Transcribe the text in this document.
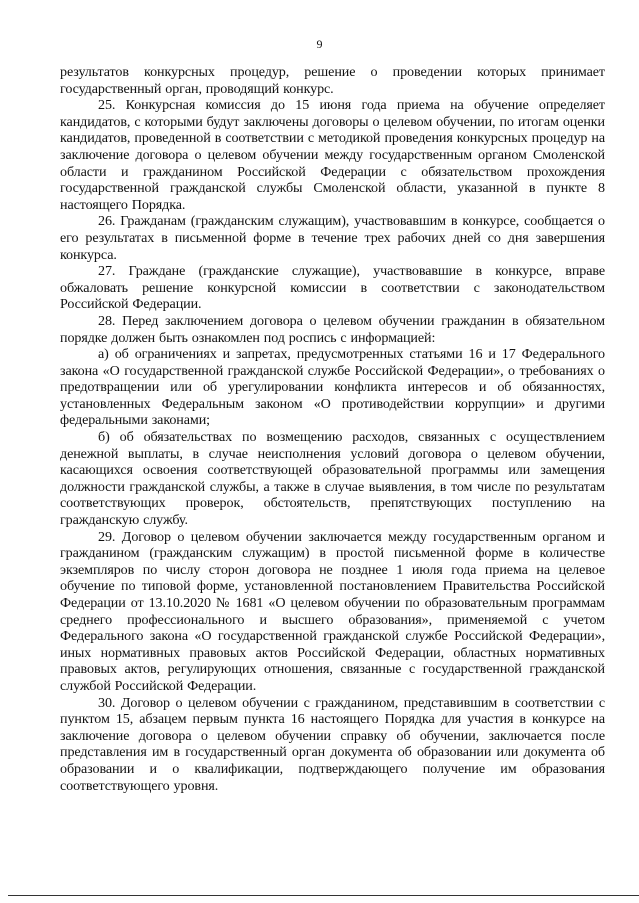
9

результатов конкурсных процедур, решение о проведении которых принимает государственный орган, проводящий конкурс.

25. Конкурсная комиссия до 15 июня года приема на обучение определяет кандидатов, с которыми будут заключены договоры о целевом обучении, по итогам оценки кандидатов, проведенной в соответствии с методикой проведения конкурсных процедур на заключение договора о целевом обучении между государственным органом Смоленской области и гражданином Российской Федерации с обязательством прохождения государственной гражданской службы Смоленской области, указанной в пункте 8 настоящего Порядка.

26. Гражданам (гражданским служащим), участвовавшим в конкурсе, сообщается о его результатах в письменной форме в течение трех рабочих дней со дня завершения конкурса.

27. Граждане (гражданские служащие), участвовавшие в конкурсе, вправе обжаловать решение конкурсной комиссии в соответствии с законодательством Российской Федерации.

28. Перед заключением договора о целевом обучении гражданин в обязательном порядке должен быть ознакомлен под роспись с информацией:

а) об ограничениях и запретах, предусмотренных статьями 16 и 17 Федерального закона «О государственной гражданской службе Российской Федерации», о требованиях о предотвращении или об урегулировании конфликта интересов и об обязанностях, установленных Федеральным законом «О противодействии коррупции» и другими федеральными законами;

б) об обязательствах по возмещению расходов, связанных с осуществлением денежной выплаты, в случае неисполнения условий договора о целевом обучении, касающихся освоения соответствующей образовательной программы или замещения должности гражданской службы, а также в случае выявления, в том числе по результатам соответствующих проверок, обстоятельств, препятствующих поступлению на гражданскую службу.

29. Договор о целевом обучении заключается между государственным органом и гражданином (гражданским служащим) в простой письменной форме в количестве экземпляров по числу сторон договора не позднее 1 июля года приема на целевое обучение по типовой форме, установленной постановлением Правительства Российской Федерации от 13.10.2020 № 1681 «О целевом обучении по образовательным программам среднего профессионального и высшего образования», применяемой с учетом Федерального закона «О государственной гражданской службе Российской Федерации», иных нормативных правовых актов Российской Федерации, областных нормативных правовых актов, регулирующих отношения, связанные с государственной гражданской службой Российской Федерации.

30. Договор о целевом обучении с гражданином, представившим в соответствии с пунктом 15, абзацем первым пункта 16 настоящего Порядка для участия в конкурсе на заключение договора о целевом обучении справку об обучении, заключается после представления им в государственный орган документа об образовании или документа об образовании и о квалификации, подтверждающего получение им образования соответствующего уровня.
